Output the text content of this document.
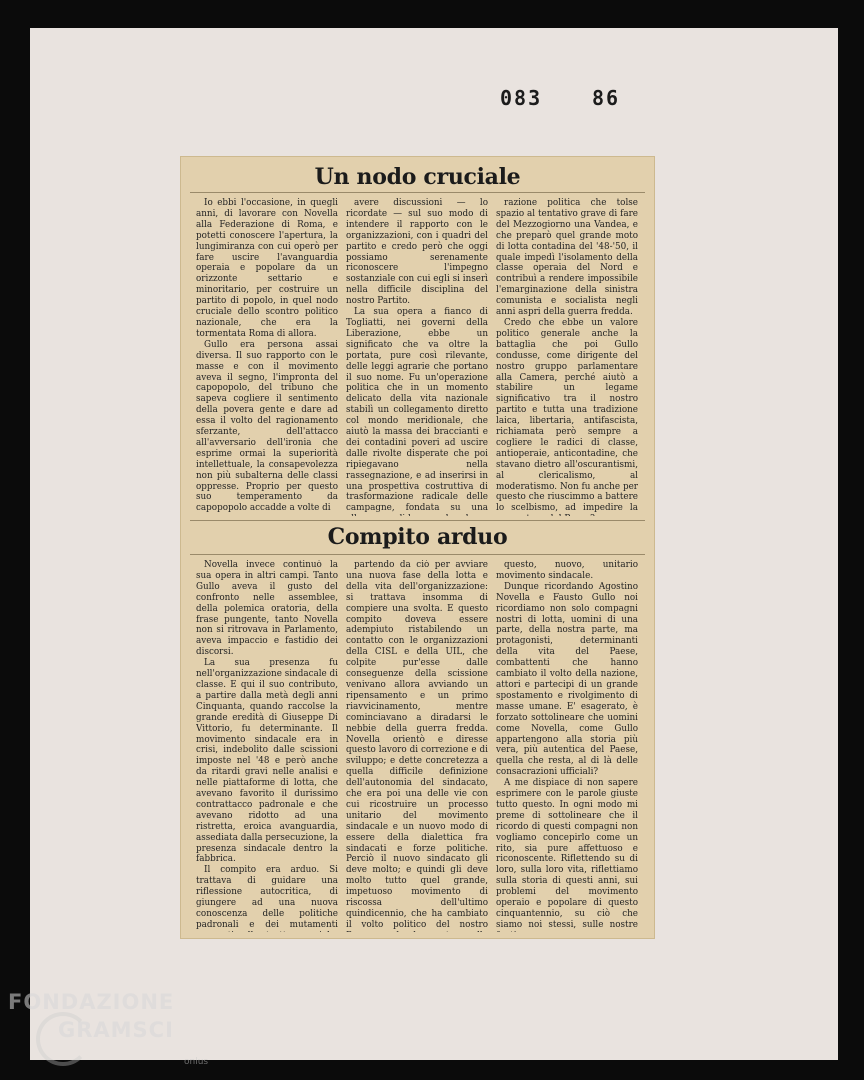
083 86
Un nodo cruciale

Io ebbi l'occasione, in quegli anni, di lavorare con Novella alla Federazione di Roma, e potetti conoscere l'apertura, la lungimiranza con cui operò per fare uscire l'avanguardia operaia e popolare da un orizzonte settario e minoritario, per costruire un partito di popolo, in quel nodo cruciale dello scontro politico nazionale, che era la tormentata Roma di allora.

Gullo era persona assai diversa. Il suo rapporto con le masse e con il movimento aveva il segno, l'impronta del capopopolo, del tribuno che sapeva cogliere il sentimento della povera gente e dare ad essa il volto del ragionamento sferzante, dell'attacco all'avversario dell'ironia che esprime ormai la superiorità intellettuale, la consapevolezza non più subalterna delle classi oppresse. Proprio per questo suo temperamento da capopopolo accadde a volte di

avere discussioni — lo ricordate — sul suo modo di intendere il rapporto con le organizzazioni, con i quadri del partito e credo però che oggi possiamo serenamente riconoscere l'impegno sostanziale con cui egli si inserì nella difficile disciplina del nostro Partito.

La sua opera a fianco di Togliatti, nei governi della Liberazione, ebbe un significato che va oltre la portata, pure così rilevante, delle leggi agrarie che portano il suo nome. Fu un'operazione politica che in un momento delicato della vita nazionale stabilì un collegamento diretto col mondo meridionale, che aiutò la massa dei braccianti e dei contadini poveri ad uscire dalle rivolte disperate che poi ripiegavano nella rassegnazione, e ad inserirsi in una prospettiva costruttiva di trasformazione radicale delle campagne, fondata su una

razione politica che tolse spazio al tentativo grave di fare del Mezzogiorno una Vandea, e che preparò quel grande moto di lotta contadina del '48-'50, il quale impedì l'isolamento della classe operaia del Nord e contribuì a rendere impossibile l'emarginazione della sinistra comunista e socialista negli anni aspri della guerra fredda.

Credo che ebbe un valore politico generale anche la battaglia che poi Gullo condusse, come dirigente del nostro gruppo parlamentare alla Camera, perché aiutò a stabilire un legame significativo tra il nostro partito e tutta una tradizione laica, libertaria, antifascista, richiamata però sempre a cogliere le radici di classe, antioperaie, anticontadine, che stavano dietro all'oscurantismi, al clericalismo, al moderatismo. Non fu anche per questo che riuscimmo a battere lo scelbismo, ad impedire la

Compito arduo

Novella invece continuò la sua opera in altri campi. Tanto Gullo aveva il gusto del confronto nelle assemblee, della polemica oratoria, della frase pungente, tanto Novella non si ritrovava in Parlamento, aveva impaccio e fastidio dei discorsi.

La sua presenza fu nell'organizzazione sindacale di classe. E qui il suo contributo, a partire dalla metà degli anni Cinquanta, quando raccolse la grande eredità di Giuseppe Di Vittorio, fu determinante. Il movimento sindacale era in crisi, indebolito dalle scissioni imposte nel '48 e però anche da ritardi gravi nelle analisi e nelle piattaforme di lotta, che avevano favorito il durissimo contrattacco padronale e che avevano ridotto ad una ristretta, eroica avanguardia, assediata dalla persecuzione, la presenza sindacale dentro la fabbrica.

Il compito era arduo. Si trattava di guidare una riflessione autocritica, di giungere ad una nuova conoscenza delle politiche padronali e dei mutamenti

partendo da ciò per avviare una nuova fase della lotta e della vita dell'organizzazione: si trattava insomma di compiere una svolta. E questo compito doveva essere adempiuto ristabilendo un contatto con le organizzazioni della CISL e della UIL, che colpite pur'esse dalle conseguenze della scissione venivano allora avviando un ripensamento e un primo riavvicinamento, mentre cominciavano a diradarsi le nebbie della guerra fredda. Novella orientò e diresse questo lavoro di correzione e di sviluppo; e dette concretezza a quella difficile definizione dell'autonomia del sindacato, che era poi una delle vie con cui ricostruire un processo unitario del movimento sindacale e un nuovo modo di essere della dialettica fra sindacati e forze politiche. Perciò il nuovo sindacato gli deve molto; e quindi gli deve molto tutto quel grande, impetuoso movimento di riscossa dell'ultimo quindicennio, che ha cambiato il volto politico del nostro

questo, nuovo, unitario movimento sindacale.

Dunque ricordando Agostino Novella e Fausto Gullo noi ricordiamo non solo compagni nostri di lotta, uomini di una parte, della nostra parte, ma protagonisti, determinanti della vita del Paese, combattenti che hanno cambiato il volto della nazione, attori e partecipi di un grande spostamento e rivolgimento di masse umane. E' esagerato, è forzato sottolineare che uomini come Novella, come Gullo appartengono alla storia più vera, più autentica del Paese, quella che resta, al di là delle consacrazioni ufficiali?

A me dispiace di non sapere esprimere con le parole giuste tutto questo. In ogni modo mi preme di sottolineare che il ricordo di questi compagni non vogliamo concepirlo come un rito, sia pure affettuoso e riconoscente. Riflettendo su di loro, sulla loro vita, riflettiamo sulla storia di questi anni, sui problemi del movimento operaio e popolare di questo cinquantennio, su ciò che siamo noi stessi, sulle nostre

FONDAZIONE
GRAMSCI
onlus
